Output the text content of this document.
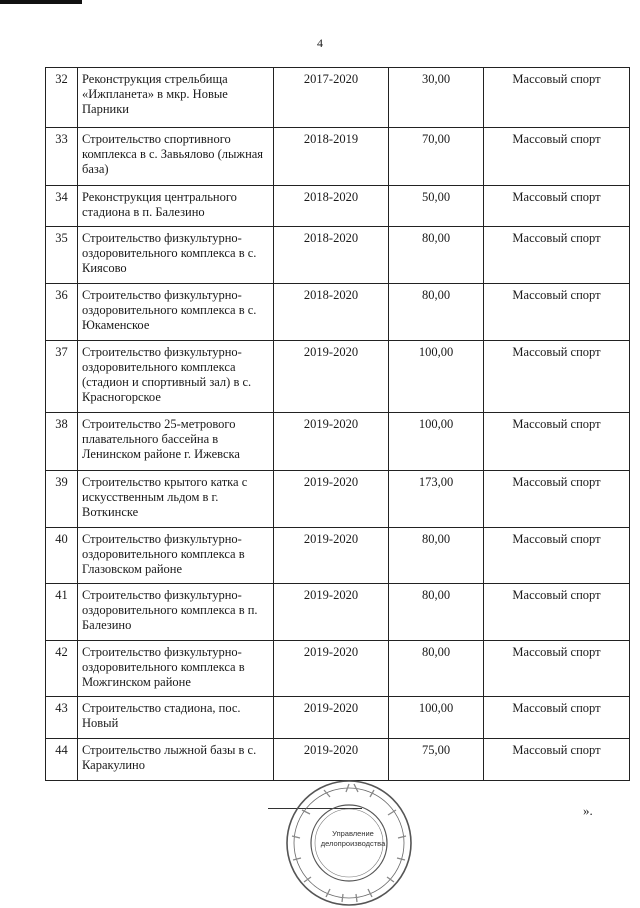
4
32	Реконструкция стрельбища «Ижпланета» в мкр. Новые Парники	2017-2020	30,00	Массовый спорт
33	Строительство спортивного комплекса в с. Завьялово (лыжная база)	2018-2019	70,00	Массовый спорт
34	Реконструкция центрального стадиона в п. Балезино	2018-2020	50,00	Массовый спорт
35	Строительство физкультурно-оздоровительного комплекса в с. Киясово	2018-2020	80,00	Массовый спорт
36	Строительство физкультурно-оздоровительного комплекса в с. Юкаменское	2018-2020	80,00	Массовый спорт
37	Строительство физкультурно-оздоровительного комплекса (стадион и спортивный зал) в с. Красногорское	2019-2020	100,00	Массовый спорт
38	Строительство 25-метрового плавательного бассейна в Ленинском районе г. Ижевска	2019-2020	100,00	Массовый спорт
39	Строительство крытого катка с искусственным льдом в г. Воткинске	2019-2020	173,00	Массовый спорт
40	Строительство физкультурно-оздоровительного комплекса в Глазовском районе	2019-2020	80,00	Массовый спорт
41	Строительство физкультурно-оздоровительного комплекса в п. Балезино	2019-2020	80,00	Массовый спорт
42	Строительство физкультурно-оздоровительного комплекса в Можгинском районе	2019-2020	80,00	Массовый спорт
43	Строительство стадиона, пос. Новый	2019-2020	100,00	Массовый спорт
44	Строительство лыжной базы в с. Каракулино	2019-2020	75,00	Массовый спорт
».
Управление
делопроизводства
